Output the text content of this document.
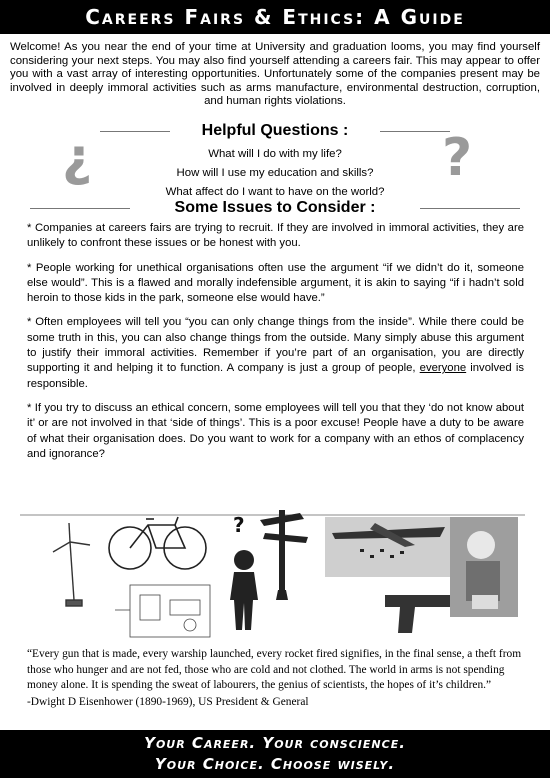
Careers Fairs & Ethics: A Guide
Welcome! As you near the end of your time at University and graduation looms, you may find yourself considering your next steps. You may also find yourself attending a careers fair. This may appear to offer you with a vast array of interesting opportunities. Unfortunately some of the companies present may be involved in deeply immoral activities such as arms manufacture, environmental destruction, corruption, and human rights violations.
Helpful Questions :
¿	?
What will I do with my life?
How will I use my education and skills?
What affect do I want to have on the world?
Some Issues to Consider :

* Companies at careers fairs are trying to recruit. If they are involved in immoral activities, they are unlikely to confront these issues or be honest with you.

* People working for unethical organisations often use the argument “if we didn’t do it, someone else would”. This is a flawed and morally indefensible argument, it is akin to saying “if i hadn’t sold heroin to those kids in the park, someone else would have.”

* Often employees will tell you “you can only change things from the inside”. While there could be some truth in this, you can also change things from the outside. Many simply abuse this argument to justify their immoral activities. Remember if you’re part of an organisation, you are directly supporting it and helping it to function. A company is just a group of people, everyone involved is responsible.

* If you try to discuss an ethical concern, some employees will tell you that they ‘do not know about it’ or are not involved in that ‘side of things’. This is a poor excuse! People have a duty to be aware of what their organisation does. Do you want to work for a company with an ethos of complacency and ignorance?

?
“Every gun that is made, every warship launched, every rocket fired signifies, in the final sense, a theft from those who hunger and are not fed, those who are cold and not clothed. The world in arms is not spending money alone. It is spending the sweat of labourers, the genius of scientists, the hopes of it’s children.”
-Dwight D Eisenhower (1890-1969), US President & General
Your Career. Your conscience.
Your Choice. Choose wisely.
